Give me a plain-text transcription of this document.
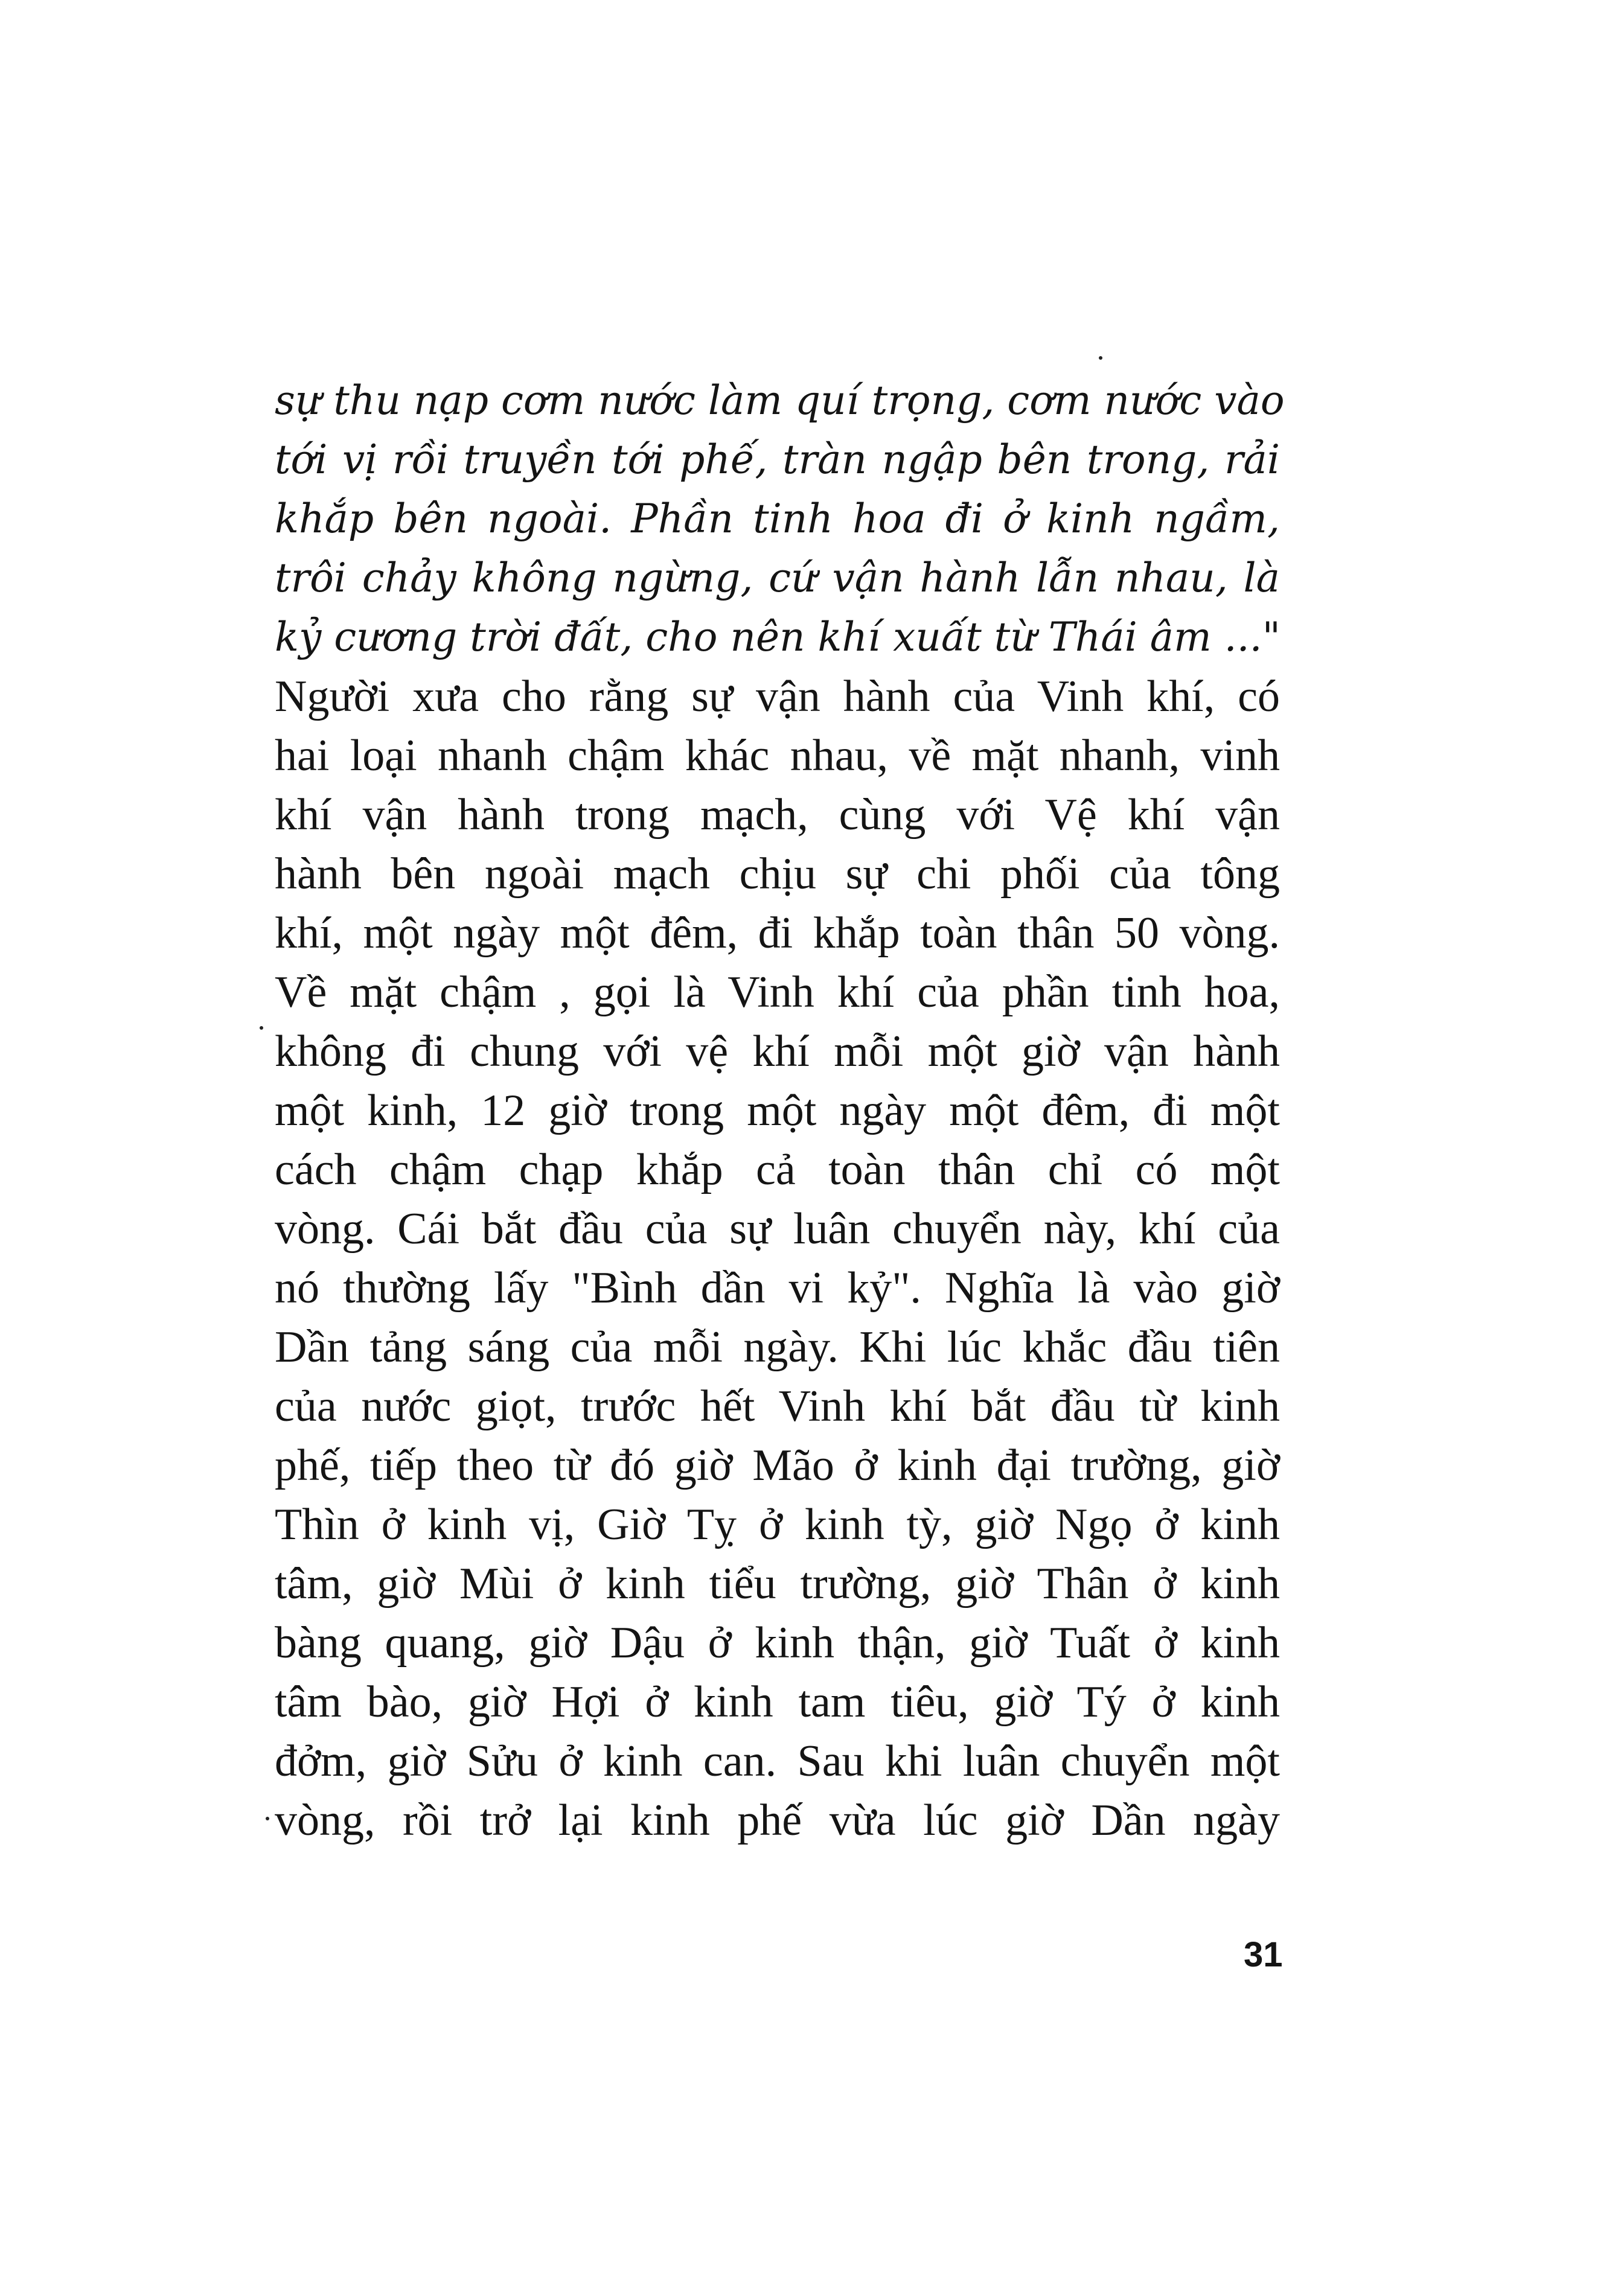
sự thu nạp cơm nước làm quí trọng, cơm nước vào
tới vị rồi truyền tới phế, tràn ngập bên trong, rải
khắp bên ngoài. Phần tinh hoa đi ở kinh ngầm,
trôi chảy không ngừng, cứ vận hành lẫn nhau, là
kỷ cương trời đất, cho nên khí xuất từ Thái âm ..."
Người xưa cho rằng sự vận hành của Vinh khí, có
hai loại nhanh chậm khác nhau, về mặt nhanh, vinh
khí vận hành trong mạch, cùng với Vệ khí vận
hành bên ngoài mạch chịu sự chi phối của tông
khí, một ngày một đêm, đi khắp toàn thân 50 vòng.
Về mặt chậm , gọi là Vinh khí của phần tinh hoa,
không đi chung với vệ khí mỗi một giờ vận hành
một kinh, 12 giờ trong một ngày một đêm, đi một
cách chậm chạp khắp cả toàn thân chỉ có một
vòng. Cái bắt đầu của sự luân chuyển này, khí của
nó thường lấy "Bình dần vi kỷ". Nghĩa là vào giờ
Dần tảng sáng của mỗi ngày. Khi lúc khắc đầu tiên
của nước giọt, trước hết Vinh khí bắt đầu từ kinh
phế, tiếp theo từ đó giờ Mão ở kinh đại trường, giờ
Thìn ở kinh vị, Giờ Tỵ ở kinh tỳ, giờ Ngọ ở kinh
tâm, giờ Mùi ở kinh tiểu trường, giờ Thân ở kinh
bàng quang, giờ Dậu ở kinh thận, giờ Tuất ở kinh
tâm bào, giờ Hợi ở kinh tam tiêu, giờ Tý ở kinh
đởm, giờ Sửu ở kinh can. Sau khi luân chuyển một
vòng, rồi trở lại kinh phế vừa lúc giờ Dần ngày
31
